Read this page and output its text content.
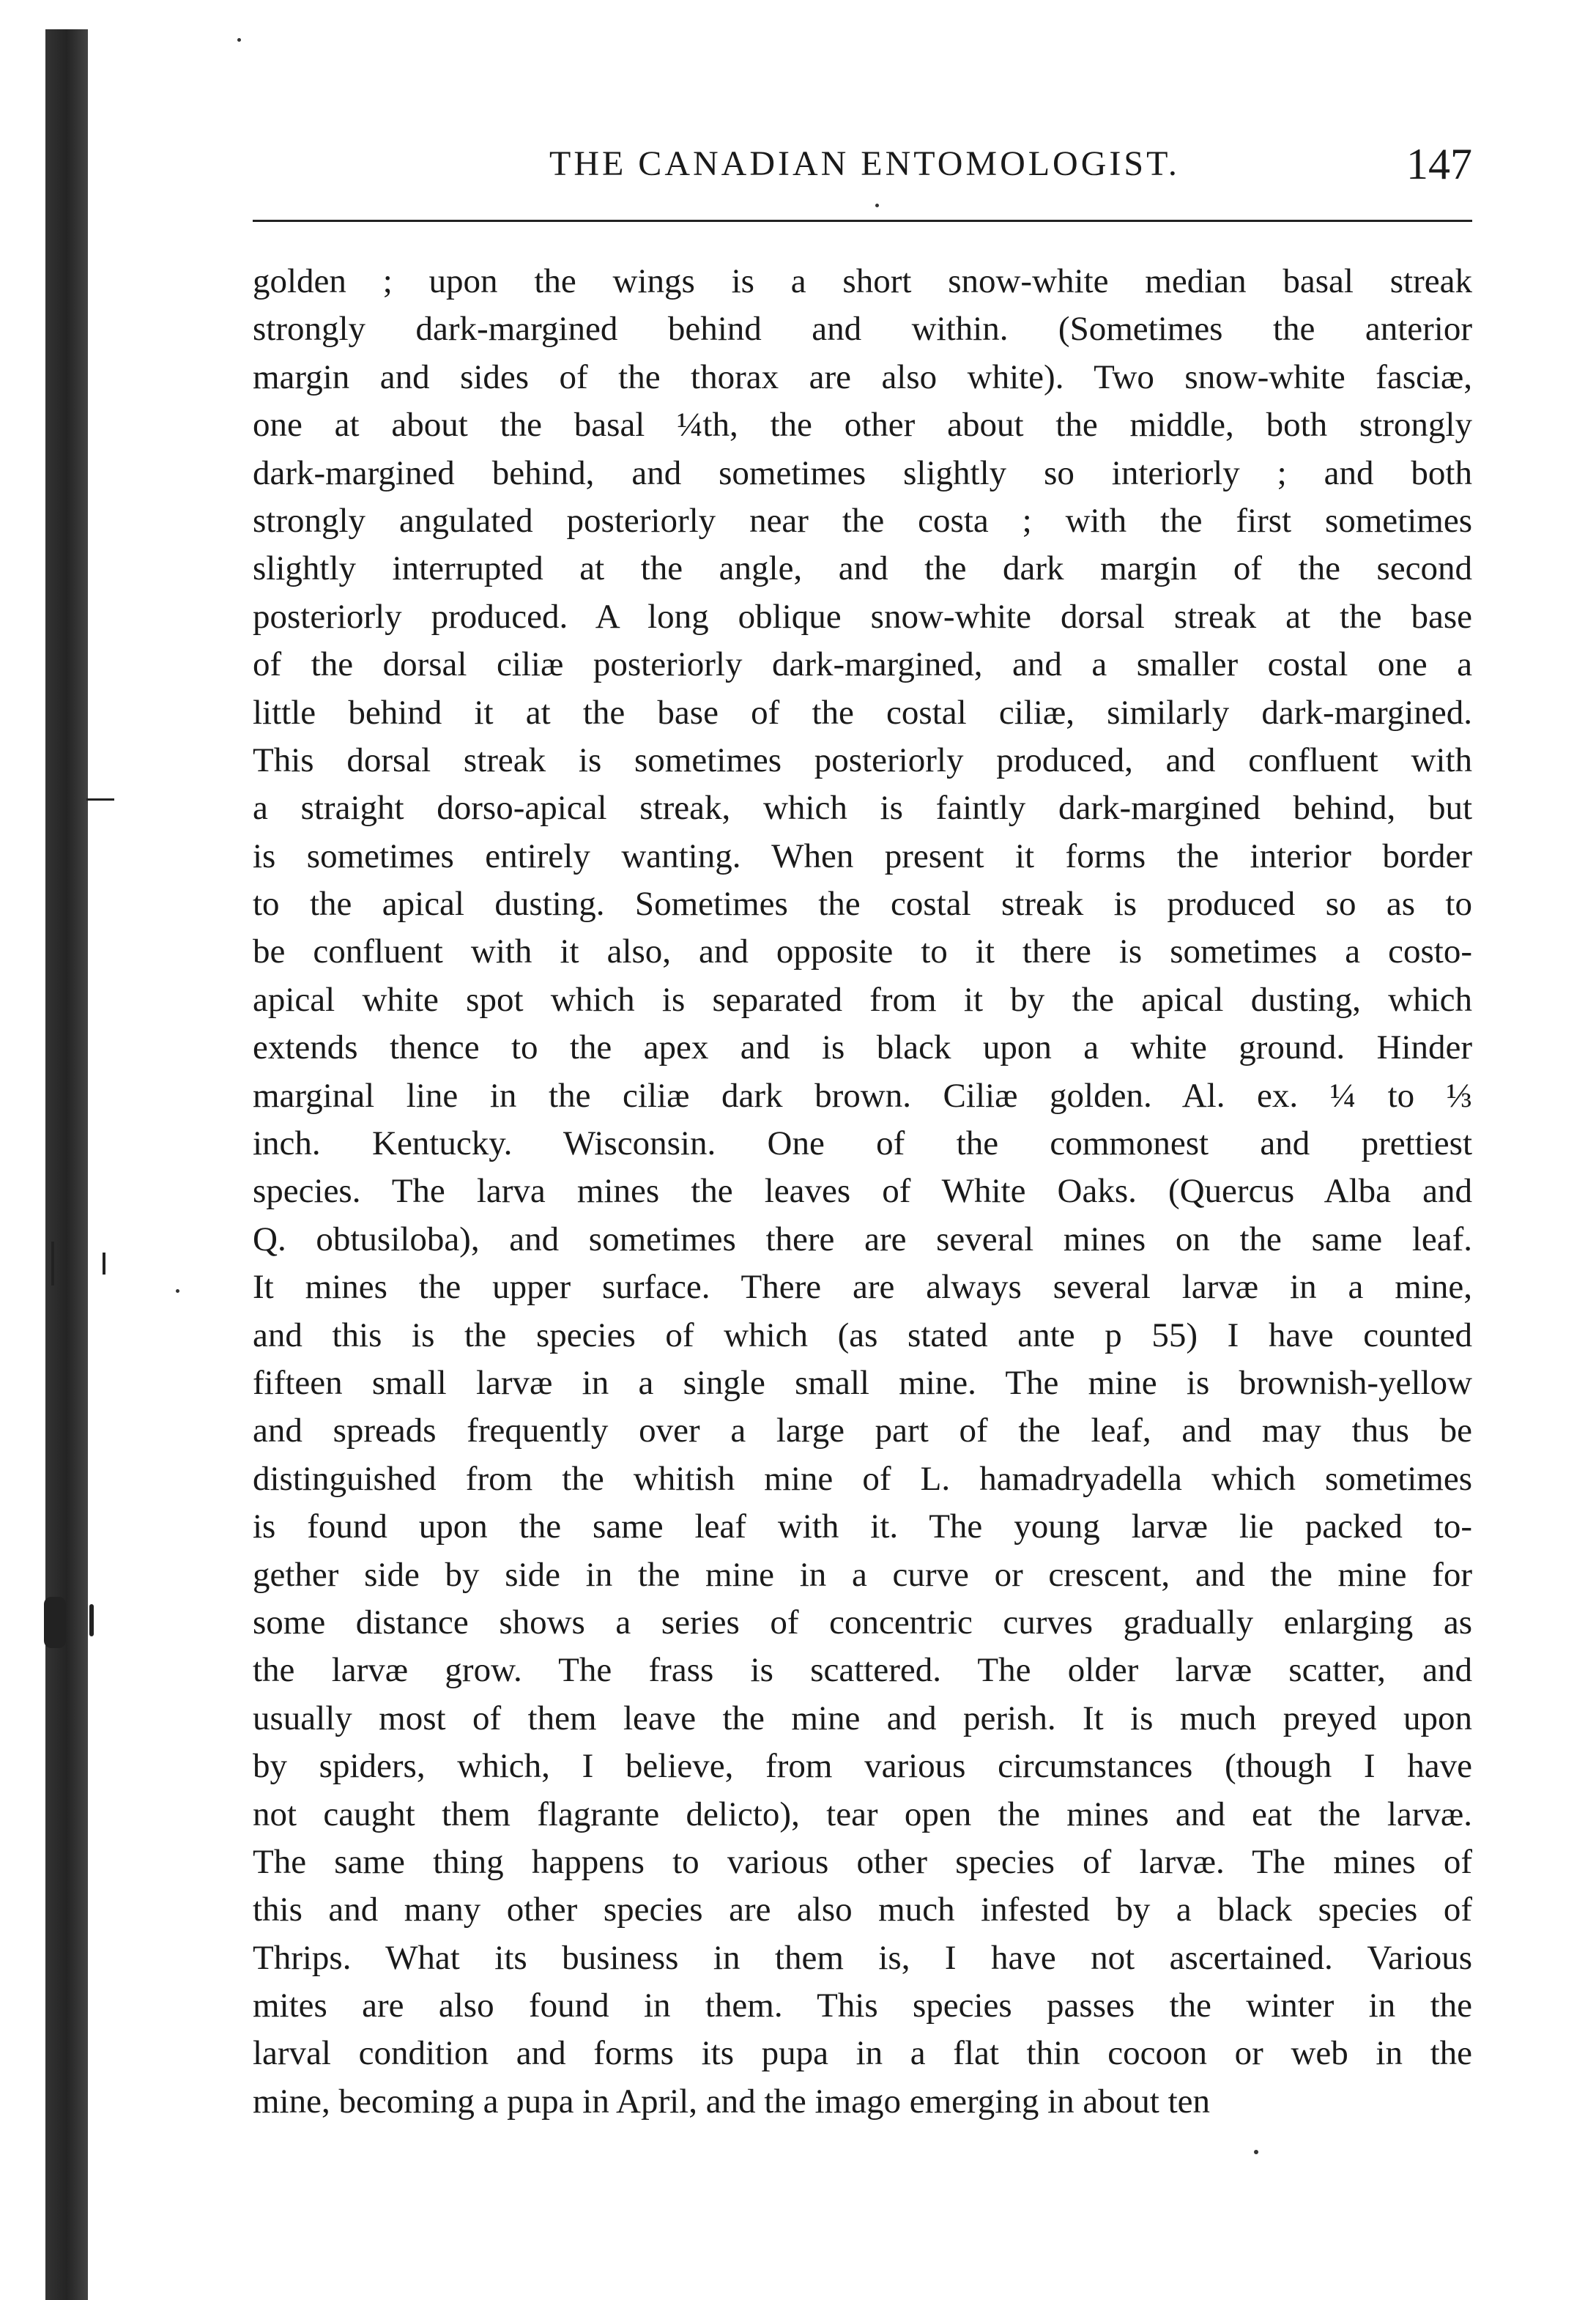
THE CANADIAN ENTOMOLOGIST.	147
golden ; upon the wings is a short snow-white median basal streak
strongly dark-margined behind and within. (Sometimes the anterior
margin and sides of the thorax are also white). Two snow-white fasciæ,
one at about the basal ¼th, the other about the middle, both strongly
dark-margined behind, and sometimes slightly so interiorly ; and both
strongly angulated posteriorly near the costa ; with the first sometimes
slightly interrupted at the angle, and the dark margin of the second
posteriorly produced. A long oblique snow-white dorsal streak at the base
of the dorsal ciliæ posteriorly dark-margined, and a smaller costal one a
little behind it at the base of the costal ciliæ, similarly dark-margined.
This dorsal streak is sometimes posteriorly produced, and confluent with
a straight dorso-apical streak, which is faintly dark-margined behind, but
is sometimes entirely wanting. When present it forms the interior border
to the apical dusting. Sometimes the costal streak is produced so as to
be confluent with it also, and opposite to it there is sometimes a costo-
apical white spot which is separated from it by the apical dusting, which
extends thence to the apex and is black upon a white ground. Hinder
marginal line in the ciliæ dark brown. Ciliæ golden. Al. ex. ¼ to ⅓
inch. Kentucky. Wisconsin. One of the commonest and prettiest
species. The larva mines the leaves of White Oaks. (Quercus Alba and
Q. obtusiloba), and sometimes there are several mines on the same leaf.
It mines the upper surface. There are always several larvæ in a mine,
and this is the species of which (as stated ante p 55) I have counted
fifteen small larvæ in a single small mine. The mine is brownish-yellow
and spreads frequently over a large part of the leaf, and may thus be
distinguished from the whitish mine of L. hamadryadella which sometimes
is found upon the same leaf with it. The young larvæ lie packed to-
gether side by side in the mine in a curve or crescent, and the mine for
some distance shows a series of concentric curves gradually enlarging as
the larvæ grow. The frass is scattered. The older larvæ scatter, and
usually most of them leave the mine and perish. It is much preyed upon
by spiders, which, I believe, from various circumstances (though I have
not caught them flagrante delicto), tear open the mines and eat the larvæ.
The same thing happens to various other species of larvæ. The mines of
this and many other species are also much infested by a black species of
Thrips. What its business in them is, I have not ascertained. Various
mites are also found in them. This species passes the winter in the
larval condition and forms its pupa in a flat thin cocoon or web in the
mine, becoming a pupa in April, and the imago emerging in about ten
